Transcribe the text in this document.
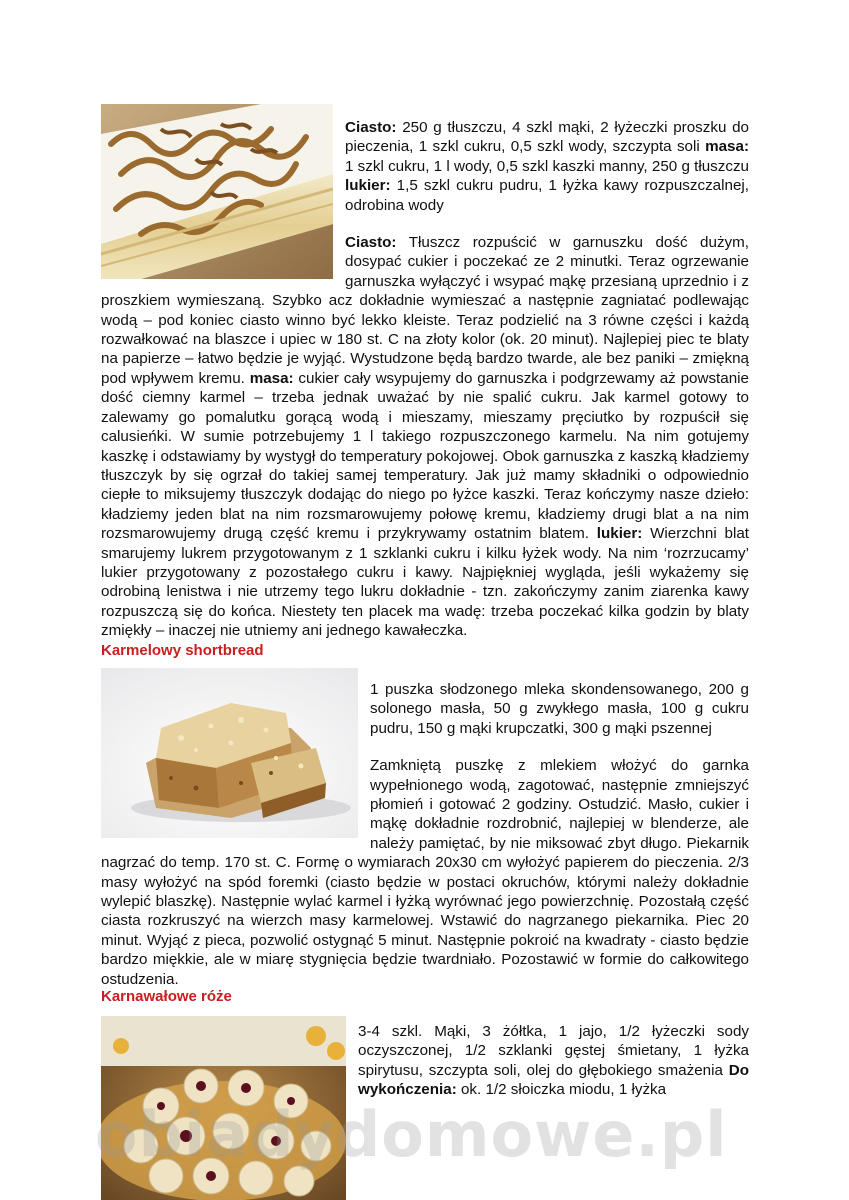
Ciasto: 250 g tłuszczu, 4 szkl mąki, 2 łyżeczki proszku do pieczenia, 1 szkl cukru, 0,5 szkl wody, szczypta soli masa: 1 szkl cukru, 1 l wody, 0,5 szkl kaszki manny, 250 g tłuszczu lukier: 1,5 szkl cukru pudru, 1 łyżka kawy rozpuszczalnej, odrobina wody

Ciasto: Tłuszcz rozpuścić w garnuszku dość dużym, dosypać cukier i poczekać ze 2 minutki. Teraz ogrzewanie garnuszka wyłączyć i wsypać mąkę przesianą uprzednio i z proszkiem wymieszaną. Szybko acz dokładnie wymieszać a następnie zagniatać podlewając wodą – pod koniec ciasto winno być lekko kleiste. Teraz podzielić na 3 równe części i każdą rozwałkować na blaszce i upiec w 180 st. C na złoty kolor (ok. 20 minut). Najlepiej piec te blaty na papierze – łatwo będzie je wyjąć. Wystudzone będą bardzo twarde, ale bez paniki – zmiękną pod wpływem kremu. masa: cukier cały wsypujemy do garnuszka i podgrzewamy aż powstanie dość ciemny karmel – trzeba jednak uważać by nie spalić cukru. Jak karmel gotowy to zalewamy go pomalutku gorącą wodą i mieszamy, mieszamy pręciutko by rozpuścił się calusieńki. W sumie potrzebujemy 1 l takiego rozpuszczonego karmelu. Na nim gotujemy kaszkę i odstawiamy by wystygł do temperatury pokojowej. Obok garnuszka z kaszką kładziemy tłuszczyk by się ogrzał do takiej samej temperatury. Jak już mamy składniki o odpowiednio ciepłe to miksujemy tłuszczyk dodając do niego po łyżce kaszki. Teraz kończymy nasze dzieło: kładziemy jeden blat na nim rozsmarowujemy połowę kremu, kładziemy drugi blat a na nim rozsmarowujemy drugą część kremu i przykrywamy ostatnim blatem. lukier: Wierzchni blat smarujemy lukrem przygotowanym z 1 szklanki cukru i kilku łyżek wody. Na nim ‘rozrzucamy’ lukier przygotowany z pozostałego cukru i kawy. Najpiękniej wygląda, jeśli wykażemy się odrobiną lenistwa i nie utrzemy tego lukru dokładnie - tzn. zakończymy zanim ziarenka kawy rozpuszczą się do końca. Niestety ten placek ma wadę: trzeba poczekać kilka godzin by blaty zmiękły – inaczej nie utniemy ani jednego kawałeczka.

Karmelowy shortbread

1 puszka słodzonego mleka skondensowanego, 200 g solonego masła, 50 g zwykłego masła, 100 g cukru pudru, 150 g mąki krupczatki, 300 g mąki pszennej

Zamkniętą puszkę z mlekiem włożyć do garnka wypełnionego wodą, zagotować, następnie zmniejszyć płomień i gotować 2 godziny. Ostudzić. Masło, cukier i mąkę dokładnie rozdrobnić, najlepiej w blenderze, ale należy pamiętać, by nie miksować zbyt długo. Piekarnik nagrzać do temp. 170 st. C. Formę o wymiarach 20x30 cm wyłożyć papierem do pieczenia. 2/3 masy wyłożyć na spód foremki (ciasto będzie w postaci okruchów, którymi należy dokładnie wylepić blaszkę). Następnie wylać karmel i łyżką wyrównać jego powierzchnię. Pozostałą część ciasta rozkruszyć na wierzch masy karmelowej. Wstawić do nagrzanego piekarnika. Piec 20 minut. Wyjąć z pieca, pozwolić ostygnąć 5 minut. Następnie pokroić na kwadraty - ciasto będzie bardzo miękkie, ale w miarę stygnięcia będzie twardniało. Pozostawić w formie do całkowitego ostudzenia.

Karnawałowe róże

3-4 szkl. Mąki, 3 żółtka, 1 jajo, 1/2 łyżeczki sody oczyszczonej, 1/2 szklanki gęstej śmietany, 1 łyżka spirytusu, szczypta soli, olej do głębokiego smażenia Do wykończenia: ok. 1/2 słoiczka miodu, 1 łyżka

obiadydomowe.pl
